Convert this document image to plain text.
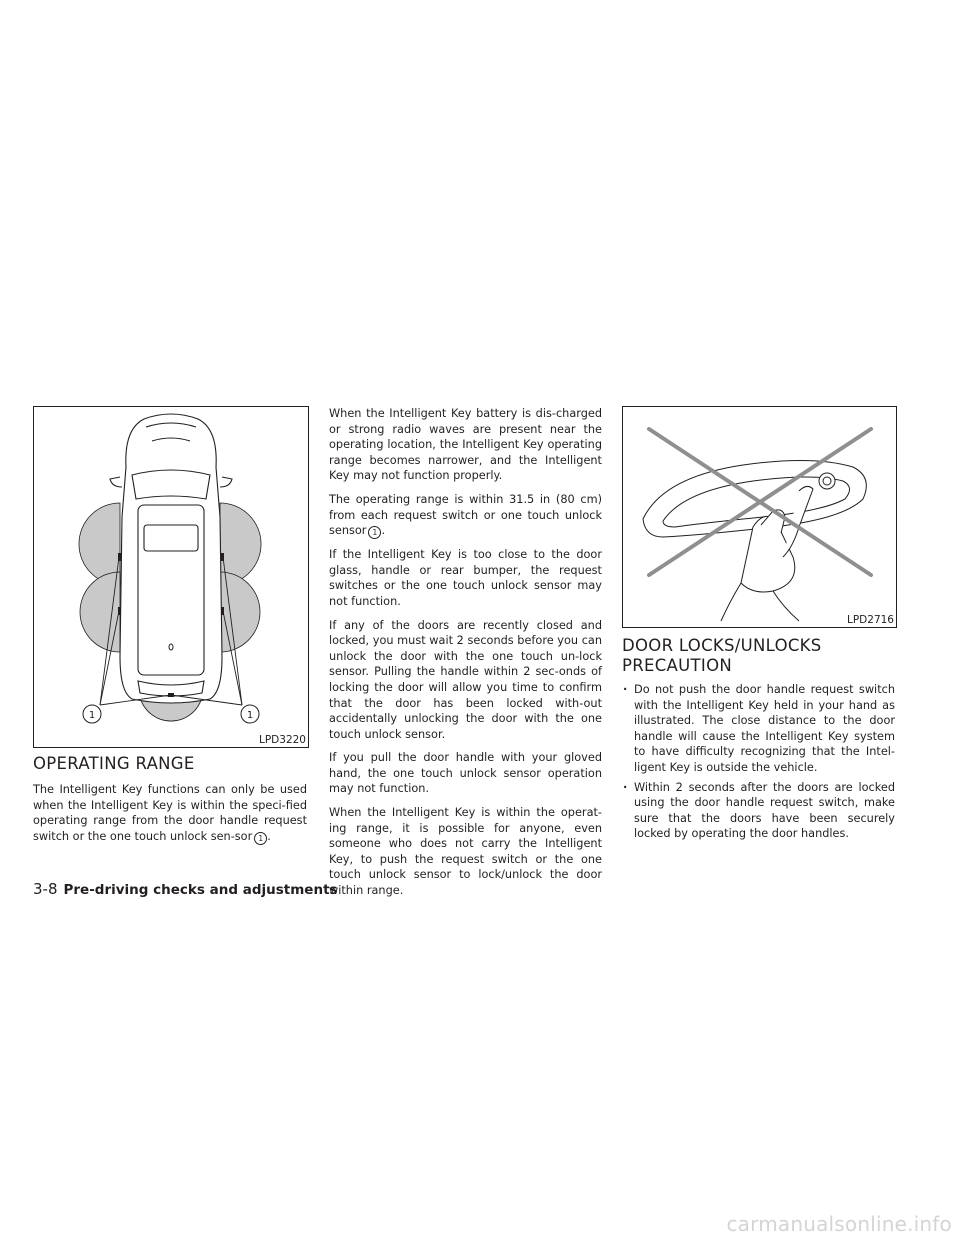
1	1
LPD3220
OPERATING RANGE

The Intelligent Key functions can only be used when the Intelligent Key is within the speci-fied operating range from the door handle request switch or the one touch unlock sen-sor 1 .

When the Intelligent Key battery is dis-charged or strong radio waves are present near the operating location, the Intelligent Key operating range becomes narrower, and the Intelligent Key may not function properly.

The operating range is within 31.5 in (80 cm) from each request switch or one touch unlock sensor 1 .

If the Intelligent Key is too close to the door glass, handle or rear bumper, the request switches or the one touch unlock sensor may not function.

If any of the doors are recently closed and locked, you must wait 2 seconds before you can unlock the door with the one touch un-lock sensor. Pulling the handle within 2 sec-onds of locking the door will allow you time to confirm that the door has been locked with-out accidentally unlocking the door with the one touch unlock sensor.

If you pull the door handle with your gloved hand, the one touch unlock sensor operation may not function.

When the Intelligent Key is within the operat-ing range, it is possible for anyone, even someone who does not carry the Intelligent Key, to push the request switch or the one touch unlock sensor to lock/unlock the door within range.

LPD2716
DOOR LOCKS/UNLOCKS
PRECAUTION
· Do not push the door handle request switch with the Intelligent Key held in your hand as illustrated. The close distance to the door handle will cause the Intelligent Key system to have difficulty recognizing that the Intel-ligent Key is outside the vehicle.
· Within 2 seconds after the doors are locked using the door handle request switch, make sure that the doors have been securely locked by operating the door handles.
3-8 Pre-driving checks and adjustments
carmanualsonline.info
